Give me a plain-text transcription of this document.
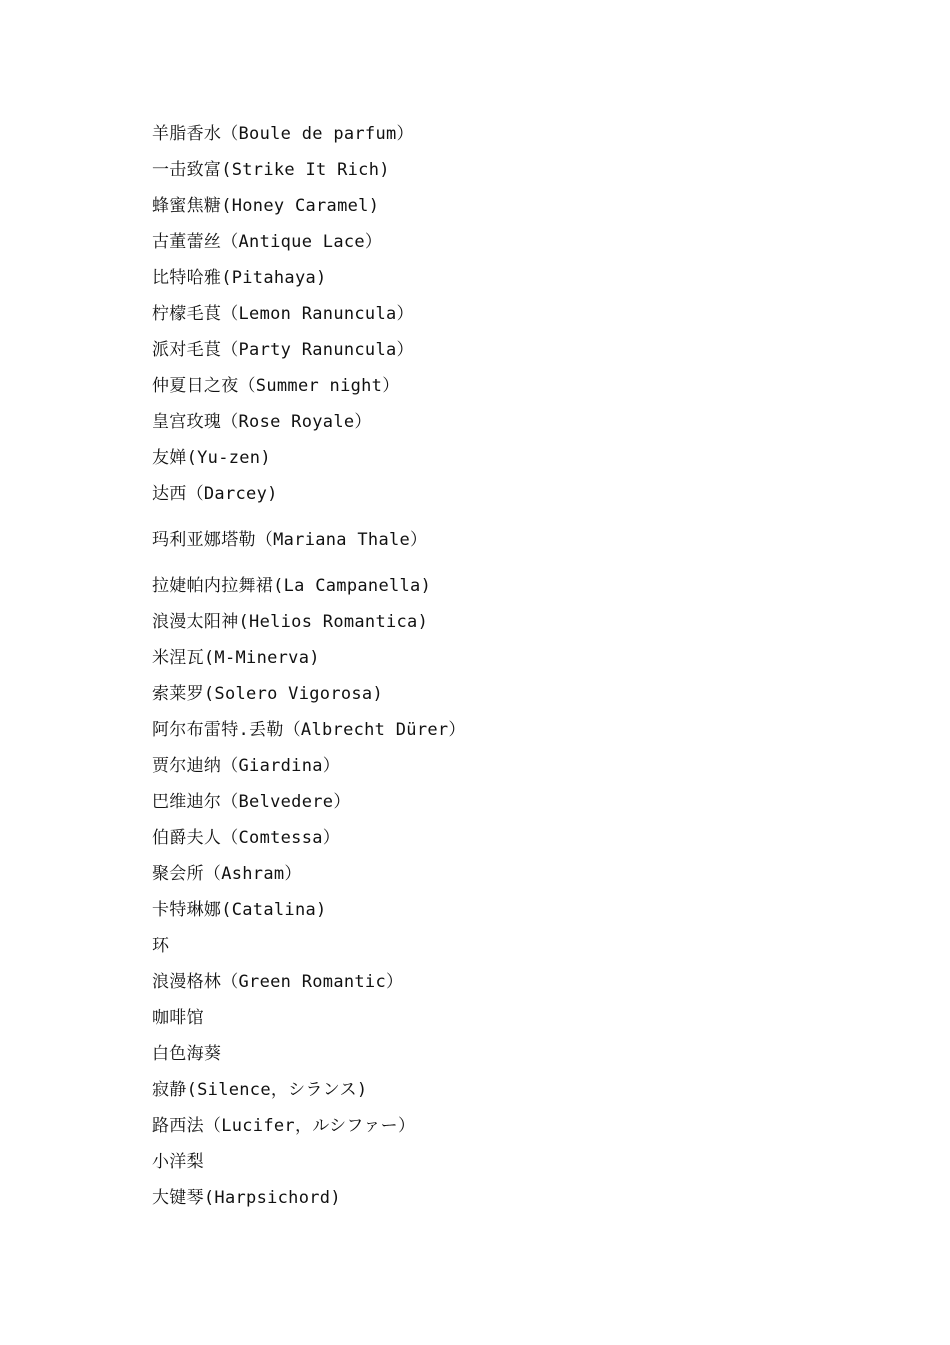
羊脂香水（Boule de parfum）
一击致富(Strike It Rich)
蜂蜜焦糖(Honey Caramel)
古董蕾丝（Antique Lace）
比特哈雅(Pitahaya)
柠檬毛茛（Lemon Ranuncula）
派对毛茛（Party Ranuncula）
仲夏日之夜（Summer night）
皇宫玫瑰（Rose Royale）
友婵(Yu-zen)
达西（Darcey)
玛利亚娜塔勒（Mariana Thale）
拉婕帕内拉舞裙(La Campanella)
浪漫太阳神(Helios Romantica)
米涅瓦(M-Minerva)
索莱罗(Solero Vigorosa)
阿尔布雷特.丢勒（Albrecht Dürer）
贾尔迪纳（Giardina）
巴维迪尔（Belvedere）
伯爵夫人（Comtessa）
聚会所（Ashram）
卡特琳娜(Catalina)
环
浪漫格林（Green Romantic）
咖啡馆
白色海葵
寂静(Silence，シランス)
路西法（Lucifer，ルシファー）
小洋梨
大键琴(Harpsichord)
